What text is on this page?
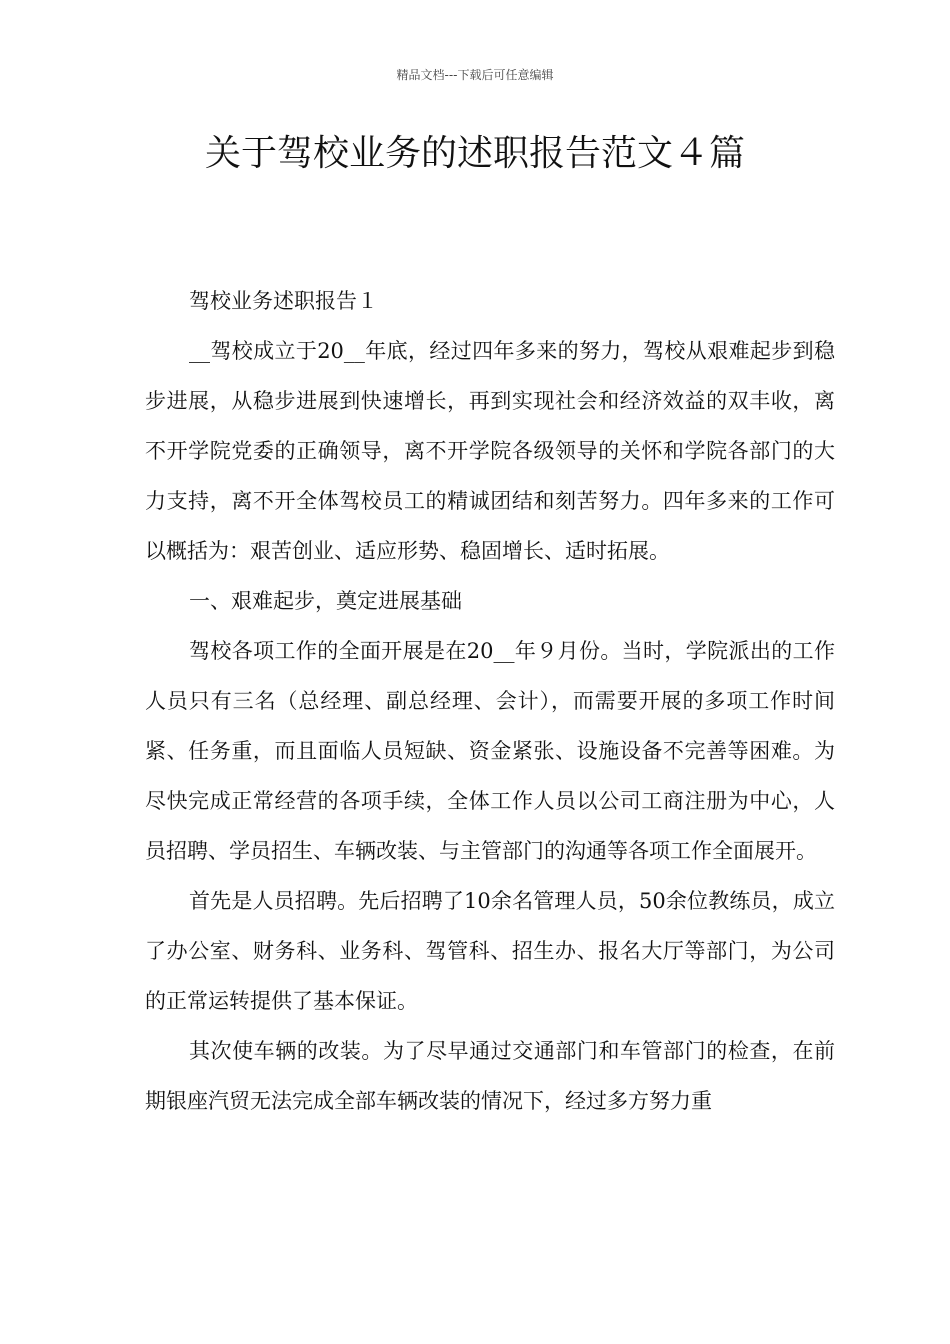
精品文档---下载后可任意编辑
关于驾校业务的述职报告范文４篇

驾校业务述职报告１

__驾校成立于20__年底，经过四年多来的努力，驾校从艰难起步到稳步进展，从稳步进展到快速增长，再到实现社会和经济效益的双丰收，离不开学院党委的正确领导，离不开学院各级领导的关怀和学院各部门的大力支持，离不开全体驾校员工的精诚团结和刻苦努力。四年多来的工作可以概括为：艰苦创业、适应形势、稳固增长、适时拓展。

一、艰难起步，奠定进展基础

驾校各项工作的全面开展是在20__年９月份。当时，学院派出的工作人员只有三名（总经理、副总经理、会计），而需要开展的多项工作时间紧、任务重，而且面临人员短缺、资金紧张、设施设备不完善等困难。为尽快完成正常经营的各项手续，全体工作人员以公司工商注册为中心，人员招聘、学员招生、车辆改装、与主管部门的沟通等各项工作全面展开。

首先是人员招聘。先后招聘了10余名管理人员，50余位教练员，成立了办公室、财务科、业务科、驾管科、招生办、报名大厅等部门，为公司的正常运转提供了基本保证。

其次使车辆的改装。为了尽早通过交通部门和车管部门的检查，在前期银座汽贸无法完成全部车辆改装的情况下，经过多方努力重
